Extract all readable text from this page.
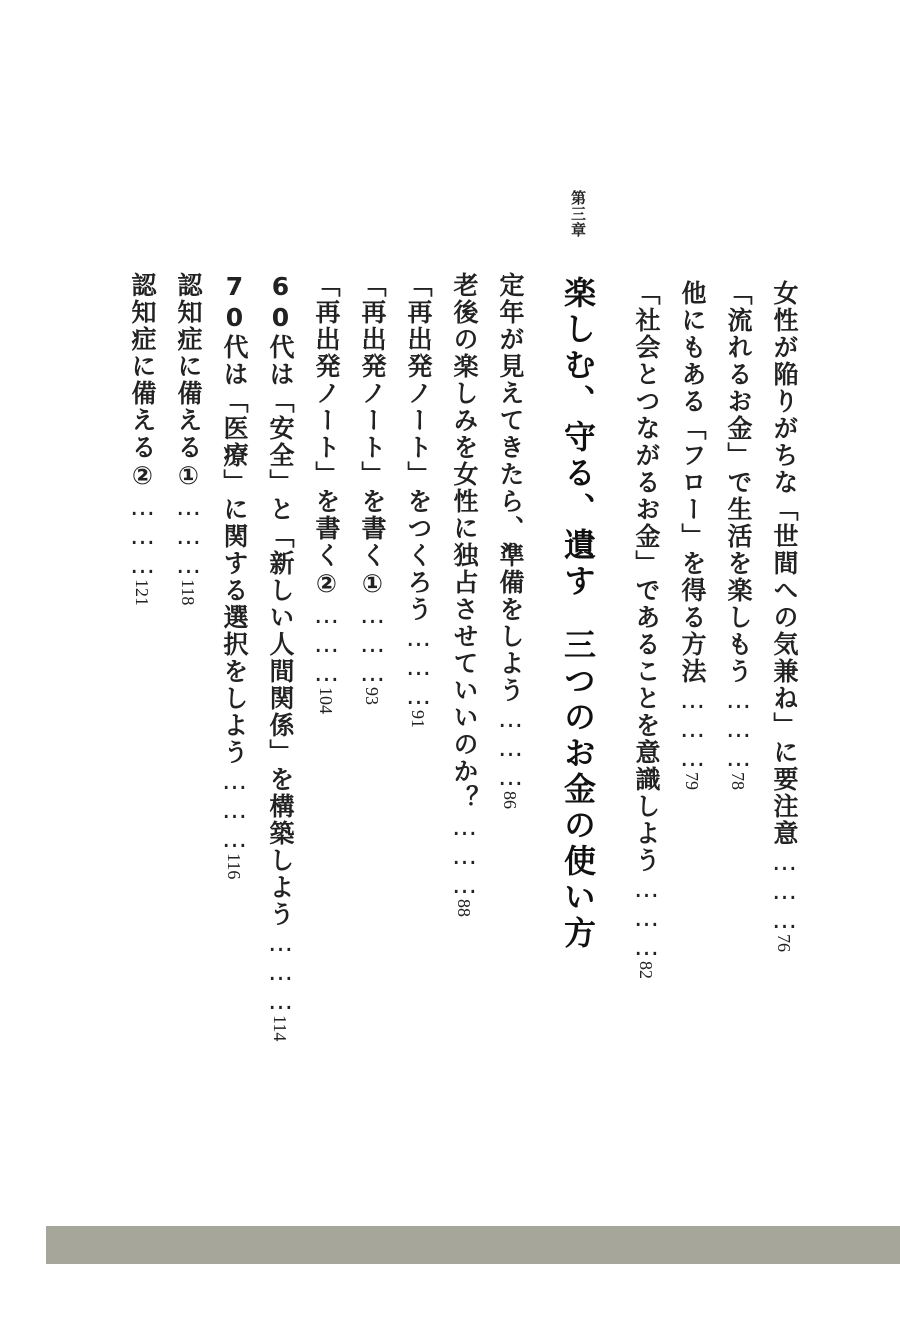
女性が陥りがちな「世間への気兼ね」に要注意………76
「流れるお金」で生活を楽しもう………78
他にもある「フロー」を得る方法………79
「社会とつながるお金」であることを意識しよう………82
第三章
楽しむ、守る、遺す三つのお金の使い方
定年が見えてきたら、準備をしよう………86
老後の楽しみを女性に独占させていいのか？………88
「再出発ノート」をつくろう………91
「再出発ノート」を書く①………93
「再出発ノート」を書く②………104
60代は「安全」と「新しい人間関係」を構築しよう………114
70代は「医療」に関する選択をしよう………116
認知症に備える①………118
認知症に備える②………121
